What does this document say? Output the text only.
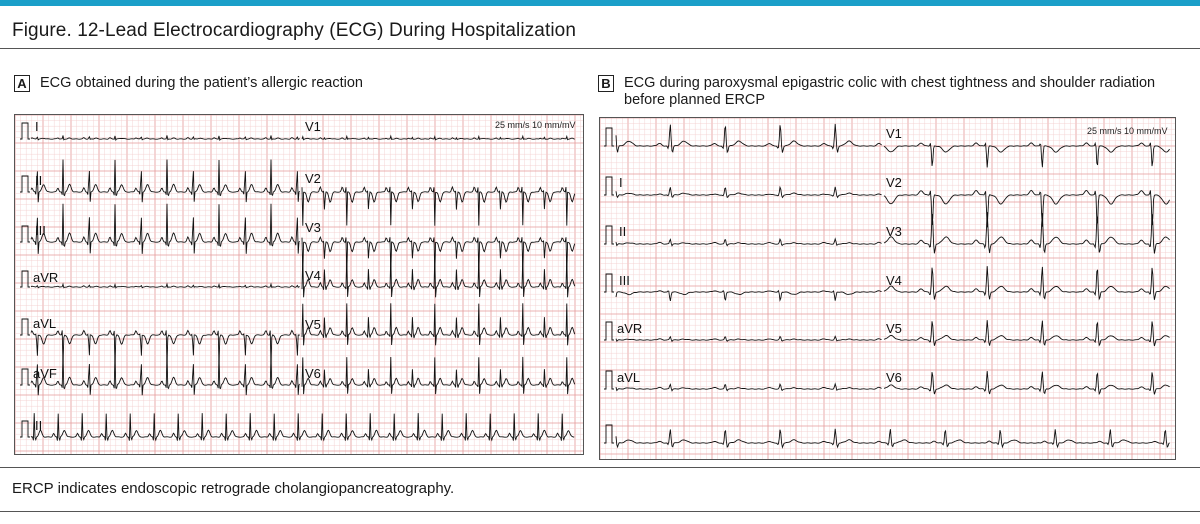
Figure. 12-Lead Electrocardiography (ECG) During Hospitalization
A ECG obtained during the patient’s allergic reaction	B ECG during paroxysmal epigastric colic with chest tightness and shoulder radiation
before planned ERCP
25 mm/s 10 mm/mV
I
II
III
aVR
aVL
aVF
II
V1
V2
V3
V4
V5
V6
25 mm/s 10 mm/mV
V1
I	V2
II	V3
III	V4
aVR	V5
aVL	V6
ERCP indicates endoscopic retrograde cholangiopancreatography.
